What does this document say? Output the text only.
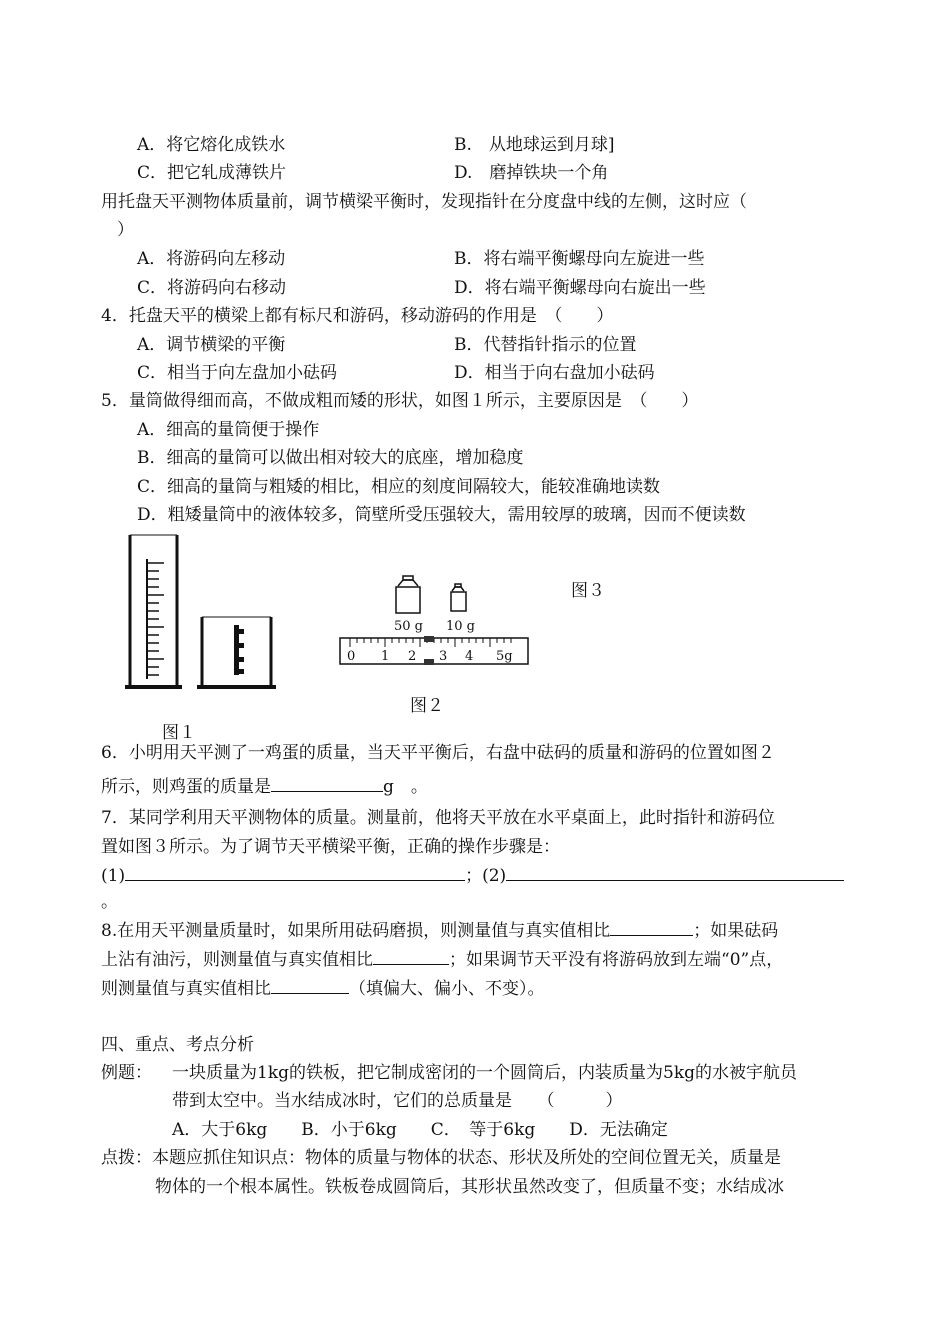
A．将它熔化成铁水	B.　从地球运到月球]
C．把它轧成薄铁片	D.　磨掉铁块一个角
用托盘天平测物体质量前，调节横梁平衡时，发现指针在分度盘中线的左侧，这时应（
）
A．将游码向左移动	B．将右端平衡螺母向左旋进一些
C．将游码向右移动	D．将右端平衡螺母向右旋出一些
4．托盘天平的横梁上都有标尺和游码，移动游码的作用是　（　　）
A．调节横梁的平衡	B．代替指针指示的位置
C．相当于向左盘加小砝码	D．相当于向右盘加小砝码
5．量筒做得细而高，不做成粗而矮的形状，如图１所示，主要原因是　（　　）
A．细高的量筒便于操作
B．细高的量筒可以做出相对较大的底座，增加稳度
C．细高的量筒与粗矮的相比，相应的刻度间隔较大，能较准确地读数
D．粗矮量筒中的液体较多，筒壁所受压强较大，需用较厚的玻璃，因而不便读数
图１
50 g 10 g
0 1 2 3 4 5g
图２
图３
6．小明用天平测了一鸡蛋的质量，当天平平衡后，右盘中砝码的质量和游码的位置如图２
所示，则鸡蛋的质量是	g　。
7．某同学利用天平测物体的质量。测量前，他将天平放在水平桌面上，此时指针和游码位
置如图３所示。为了调节天平横梁平衡，正确的操作步骤是：
(1)	；(2)
。
8.在用天平测量质量时，如果所用砝码磨损，则测量值与真实值相比	；如果砝码
上沾有油污，则测量值与真实值相比	；如果调节天平没有将游码放到左端“0”点，
则测量值与真实值相比	（填偏大、偏小、不变）。
四、重点、考点分析
例题： 一块质量为1kg的铁板，把它制成密闭的一个圆筒后，内装质量为5kg的水被宇航员
带到太空中。当水结成冰时，它们的总质量是　　（　　　）
A．大于6kg　　B．小于6kg　　C．　等于6kg　　D．无法确定
点拨：本题应抓住知识点：物体的质量与物体的状态、形状及所处的空间位置无关，质量是
物体的一个根本属性。铁板卷成圆筒后，其形状虽然改变了，但质量不变；水结成冰
